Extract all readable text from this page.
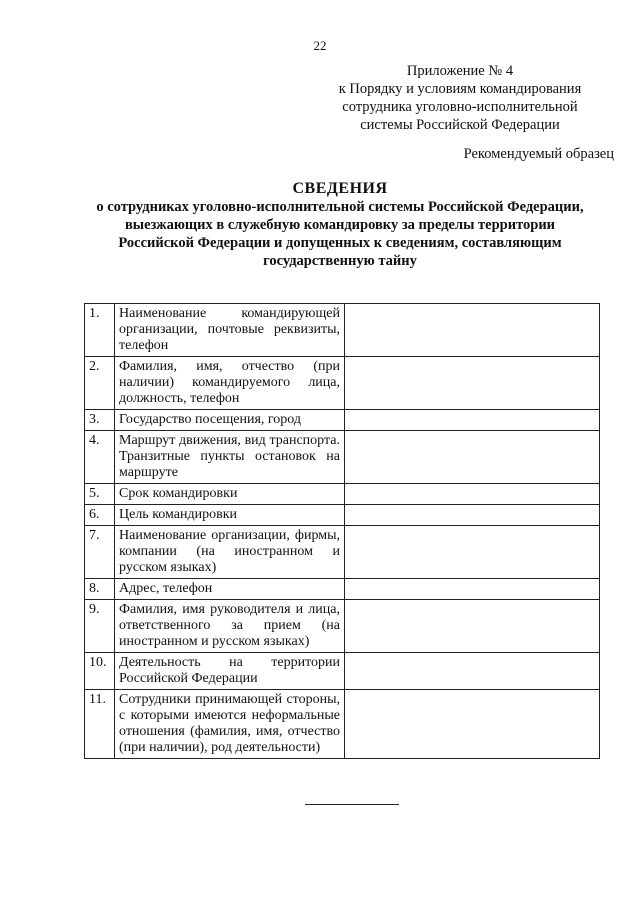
22
Приложение № 4
к Порядку и условиям командирования
сотрудника уголовно-исполнительной
системы Российской Федерации
Рекомендуемый образец
СВЕДЕНИЯ
о сотрудниках уголовно-исполнительной системы Российской Федерации,
выезжающих в служебную командировку за пределы территории
Российской Федерации и допущенных к сведениям, составляющим
государственную тайну
1.	Наименование командирующей организации, почтовые реквизиты, телефон	
2.	Фамилия, имя, отчество (при наличии) командируемого лица, должность, телефон	
3.	Государство посещения, город	
4.	Маршрут движения, вид транспорта. Транзитные пункты остановок на маршруте	
5.	Срок командировки	
6.	Цель командировки	
7.	Наименование организации, фирмы, компании (на иностранном и русском языках)	
8.	Адрес, телефон	
9.	Фамилия, имя руководителя и лица, ответственного за прием (на иностранном и русском языках)	
10.	Деятельность на территории Российской Федерации	
11.	Сотрудники принимающей стороны, с которыми имеются неформальные отношения (фамилия, имя, отчество (при наличии), род деятельности)	
